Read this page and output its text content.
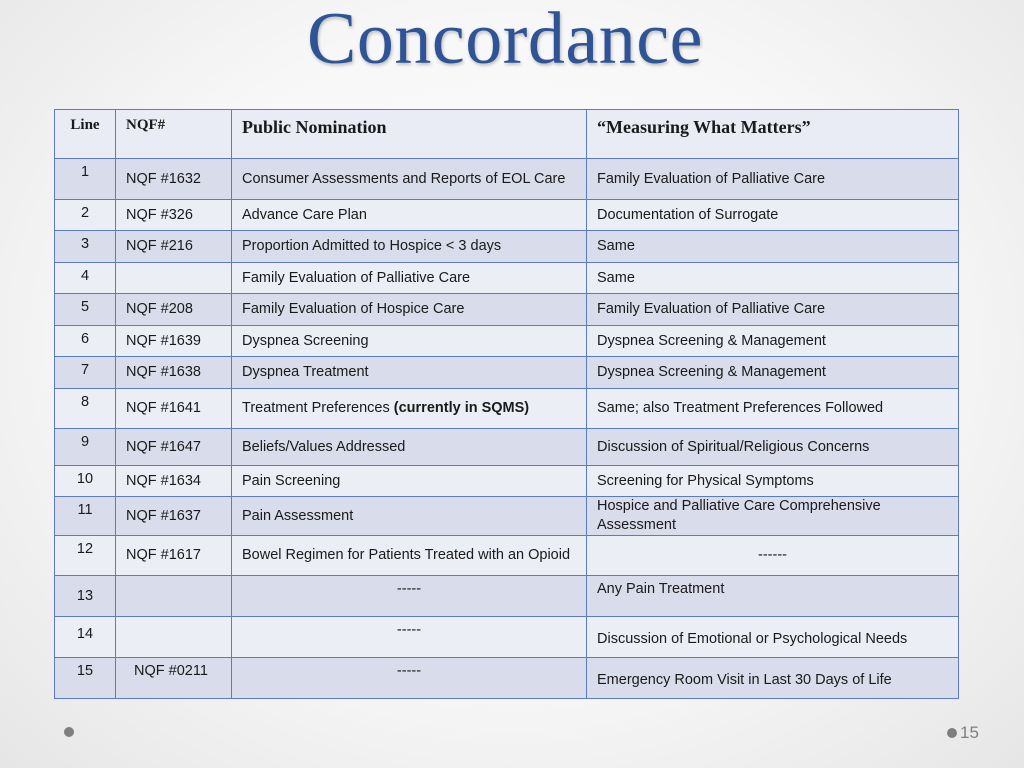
Concordance
Line	NQF#	Public Nomination	“Measuring What Matters”
1	NQF #1632	Consumer Assessments and Reports of EOL Care	Family Evaluation of Palliative Care
2	NQF #326	Advance Care Plan	Documentation of Surrogate
3	NQF #216	Proportion Admitted to Hospice < 3 days	Same
4		Family Evaluation of Palliative Care	Same
5	NQF #208	Family Evaluation of Hospice Care	Family Evaluation of Palliative Care
6	NQF #1639	Dyspnea Screening	Dyspnea Screening & Management
7	NQF #1638	Dyspnea Treatment	Dyspnea Screening & Management
8	NQF #1641	Treatment Preferences (currently in SQMS)	Same; also Treatment Preferences Followed
9	NQF #1647	Beliefs/Values Addressed	Discussion of Spiritual/Religious Concerns
10	NQF #1634	Pain Screening	Screening for Physical Symptoms
11	NQF #1637	Pain Assessment	Hospice and Palliative Care Comprehensive Assessment
12	NQF #1617	Bowel Regimen for Patients Treated with an Opioid	------
13		-----	Any Pain Treatment
14		-----	Discussion of Emotional or Psychological Needs
15	NQF #0211	-----	Emergency Room Visit in Last 30 Days of Life
15
